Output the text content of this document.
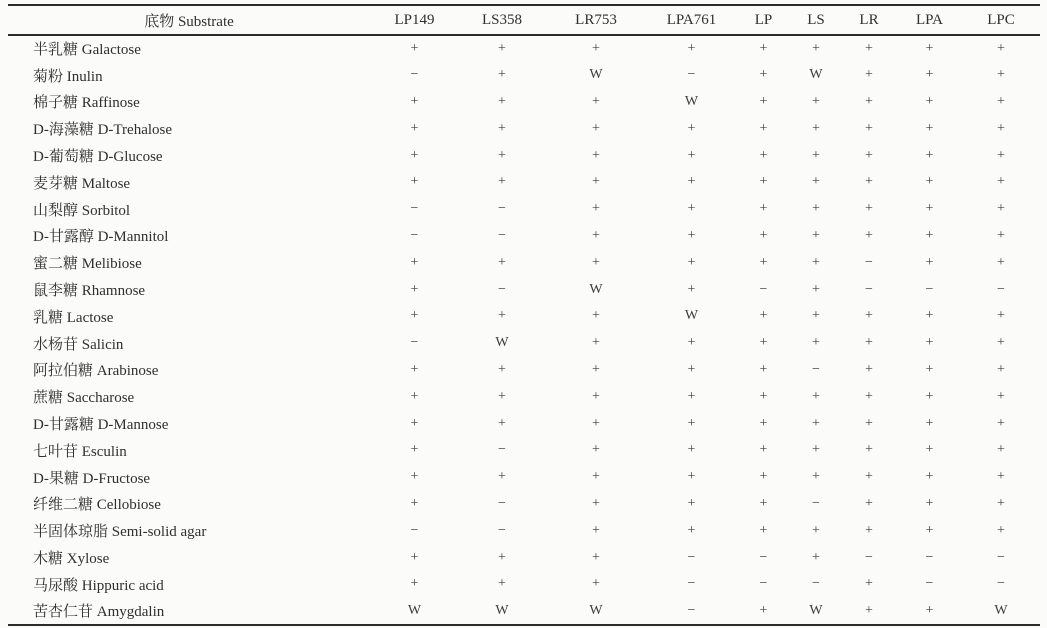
底物 Substrate	LP149	LS358	LR753	LPA761	LP	LS	LR	LPA	LPC
半乳糖 Galactose	+	+	+	+	+	+	+	+	+
菊粉 Inulin	−	+	W	−	+	W	+	+	+
棉子糖 Raffinose	+	+	+	W	+	+	+	+	+
D-海藻糖 D-Trehalose	+	+	+	+	+	+	+	+	+
D-葡萄糖 D-Glucose	+	+	+	+	+	+	+	+	+
麦芽糖 Maltose	+	+	+	+	+	+	+	+	+
山梨醇 Sorbitol	−	−	+	+	+	+	+	+	+
D-甘露醇 D-Mannitol	−	−	+	+	+	+	+	+	+
蜜二糖 Melibiose	+	+	+	+	+	+	−	+	+
鼠李糖 Rhamnose	+	−	W	+	−	+	−	−	−
乳糖 Lactose	+	+	+	W	+	+	+	+	+
水杨苷 Salicin	−	W	+	+	+	+	+	+	+
阿拉伯糖 Arabinose	+	+	+	+	+	−	+	+	+
蔗糖 Saccharose	+	+	+	+	+	+	+	+	+
D-甘露糖 D-Mannose	+	+	+	+	+	+	+	+	+
七叶苷 Esculin	+	−	+	+	+	+	+	+	+
D-果糖 D-Fructose	+	+	+	+	+	+	+	+	+
纤维二糖 Cellobiose	+	−	+	+	+	−	+	+	+
半固体琼脂 Semi-solid agar	−	−	+	+	+	+	+	+	+
木糖 Xylose	+	+	+	−	−	+	−	−	−
马尿酸 Hippuric acid	+	+	+	−	−	−	+	−	−
苦杏仁苷 Amygdalin	W	W	W	−	+	W	+	+	W
